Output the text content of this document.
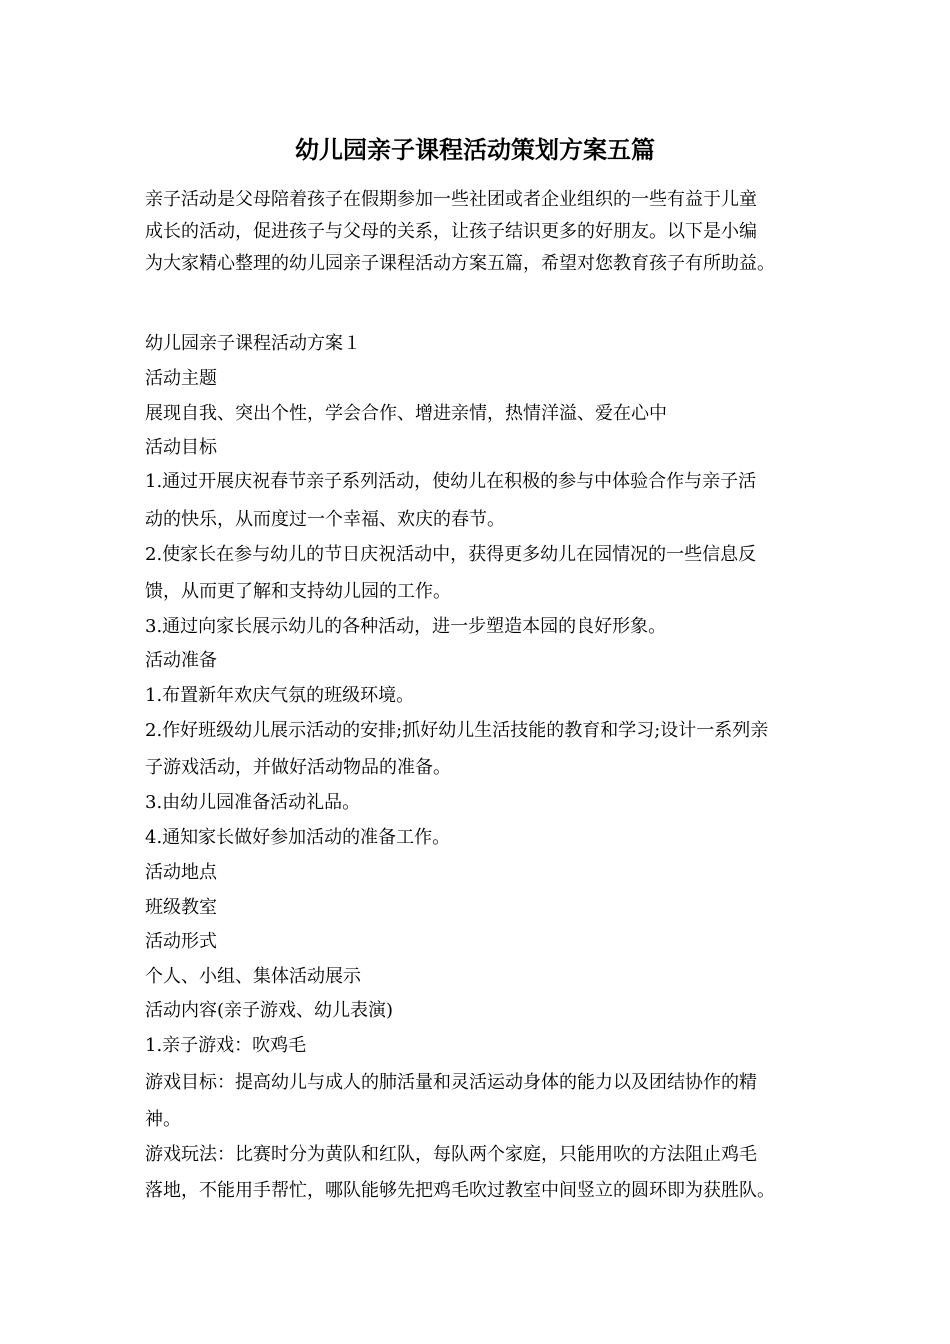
幼儿园亲子课程活动策划方案五篇
亲子活动是父母陪着孩子在假期参加一些社团或者企业组织的一些有益于儿童
成长的活动，促进孩子与父母的关系，让孩子结识更多的好朋友。以下是小编
为大家精心整理的幼儿园亲子课程活动方案五篇，希望对您教育孩子有所助益。
幼儿园亲子课程活动方案１
活动主题
展现自我、突出个性，学会合作、增进亲情，热情洋溢、爱在心中
活动目标
1.通过开展庆祝春节亲子系列活动，使幼儿在积极的参与中体验合作与亲子活
动的快乐，从而度过一个幸福、欢庆的春节。
2.使家长在参与幼儿的节日庆祝活动中，获得更多幼儿在园情况的一些信息反
馈，从而更了解和支持幼儿园的工作。
3.通过向家长展示幼儿的各种活动，进一步塑造本园的良好形象。
活动准备
1.布置新年欢庆气氛的班级环境。
2.作好班级幼儿展示活动的安排;抓好幼儿生活技能的教育和学习;设计一系列亲
子游戏活动，并做好活动物品的准备。
3.由幼儿园准备活动礼品。
4.通知家长做好参加活动的准备工作。
活动地点
班级教室
活动形式
个人、小组、集体活动展示
活动内容(亲子游戏、幼儿表演)
1.亲子游戏：吹鸡毛
游戏目标：提高幼儿与成人的肺活量和灵活运动身体的能力以及团结协作的精
神。
游戏玩法：比赛时分为黄队和红队，每队两个家庭，只能用吹的方法阻止鸡毛
落地，不能用手帮忙，哪队能够先把鸡毛吹过教室中间竖立的圆环即为获胜队。
